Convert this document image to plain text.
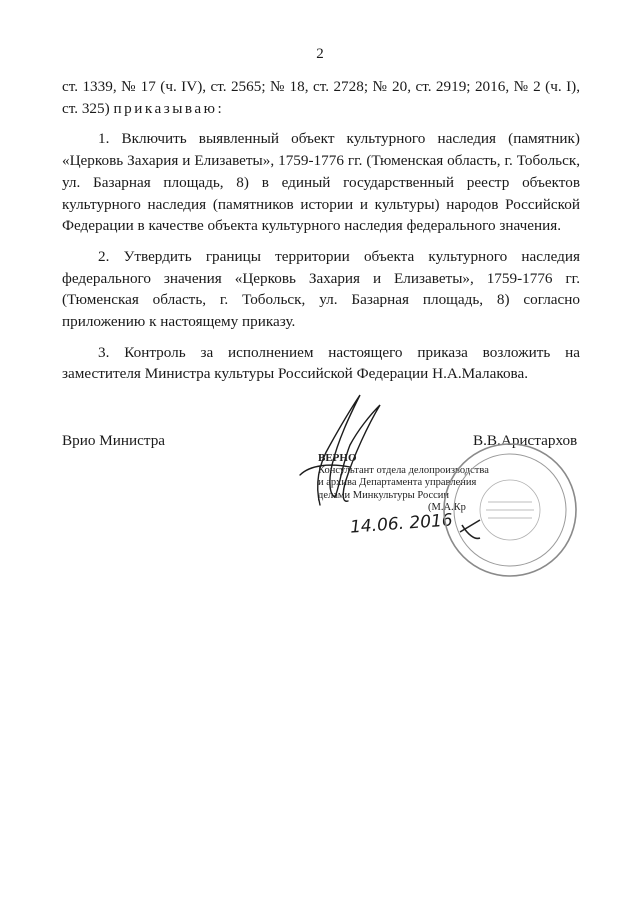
2

ст. 1339, № 17 (ч. IV), ст. 2565; № 18, ст. 2728; № 20, ст. 2919; 2016, № 2 (ч. I), ст. 325) приказываю:

1. Включить выявленный объект культурного наследия (памятник) «Церковь Захария и Елизаветы», 1759-1776 гг. (Тюменская область, г. Тобольск, ул. Базарная площадь, 8) в единый государственный реестр объектов культурного наследия (памятников истории и культуры) народов Российской Федерации в качестве объекта культурного наследия федерального значения.

2. Утвердить границы территории объекта культурного наследия федерального значения «Церковь Захария и Елизаветы», 1759-1776 гг. (Тюменская область, г. Тобольск, ул. Базарная площадь, 8) согласно приложению к настоящему приказу.

3. Контроль за исполнением настоящего приказа возложить на заместителя Министра культуры Российской Федерации Н.А.Малакова.

Врио Министра	В.В.Аристархов
ВЕРНО
Консультант отдела делопроизводства
и архива Департамента управления
делами Минкультуры России
(М.А.Кр
14.06. 2016
